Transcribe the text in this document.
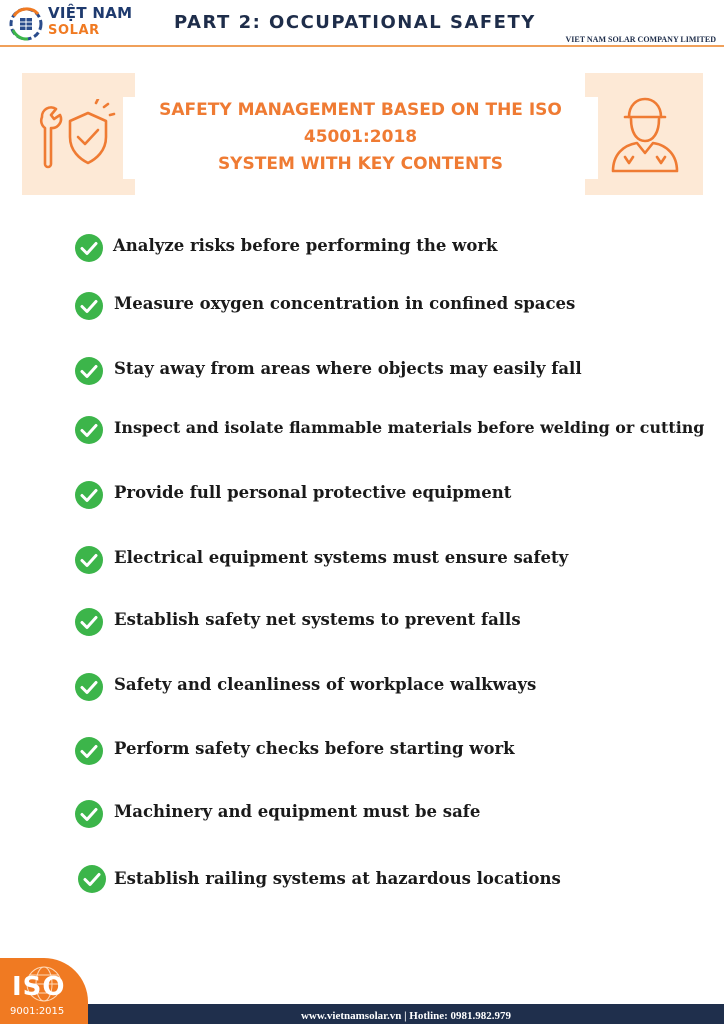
VIỆT NAM
SOLAR	PART 2: OCCUPATIONAL SAFETY
VIET NAM SOLAR COMPANY LIMITED
SAFETY MANAGEMENT BASED ON THE ISO
45001:2018
SYSTEM WITH KEY CONTENTS
Analyze risks before performing the work
Measure oxygen concentration in confined spaces
Stay away from areas where objects may easily fall
Inspect and isolate flammable materials before welding or cutting
Provide full personal protective equipment
Electrical equipment systems must ensure safety
Establish safety net systems to prevent falls
Safety and cleanliness of workplace walkways
Perform safety checks before starting work
Machinery and equipment must be safe
Establish railing systems at hazardous locations
ISO
9001:2015	www.vietnamsolar.vn | Hotline: 0981.982.979
